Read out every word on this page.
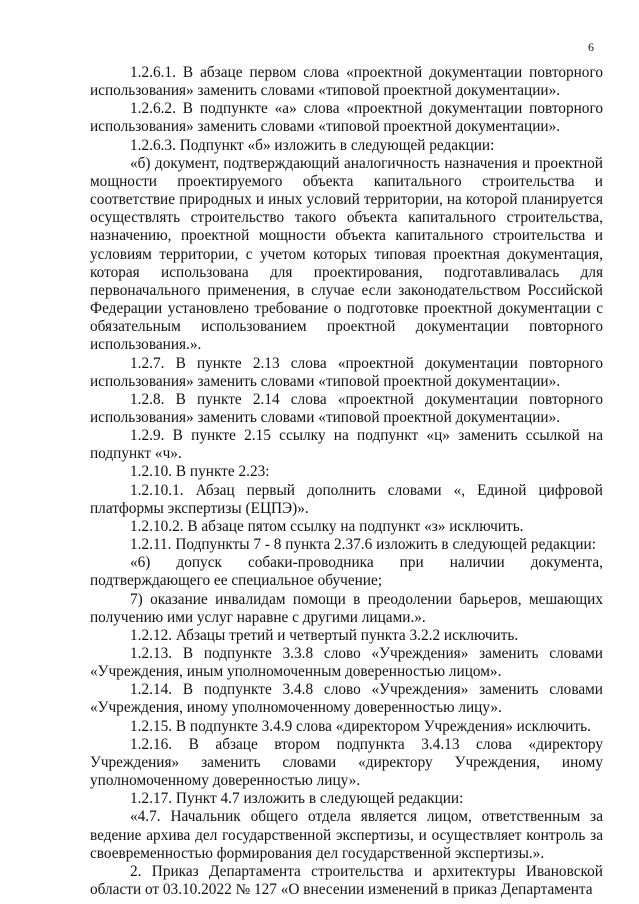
6

1.2.6.1. В абзаце первом слова «проектной документации повторного использования» заменить словами «типовой проектной документации».

1.2.6.2. В подпункте «а» слова «проектной документации повторного использования» заменить словами «типовой проектной документации».

1.2.6.3. Подпункт «б» изложить в следующей редакции:

«б) документ, подтверждающий аналогичность назначения и проектной мощности проектируемого объекта капитального строительства и соответствие природных и иных условий территории, на которой планируется осуществлять строительство такого объекта капитального строительства, назначению, проектной мощности объекта капитального строительства и условиям территории, с учетом которых типовая проектная документация, которая использована для проектирования, подготавливалась для первоначального применения, в случае если законодательством Российской Федерации установлено требование о подготовке проектной документации с обязательным использованием проектной документации повторного использования.».

1.2.7. В пункте 2.13 слова «проектной документации повторного использования» заменить словами «типовой проектной документации».

1.2.8. В пункте 2.14 слова «проектной документации повторного использования» заменить словами «типовой проектной документации».

1.2.9. В пункте 2.15 ссылку на подпункт «ц» заменить ссылкой на подпункт «ч».

1.2.10. В пункте 2.23:

1.2.10.1. Абзац первый дополнить словами «, Единой цифровой платформы экспертизы (ЕЦПЭ)».

1.2.10.2. В абзаце пятом ссылку на подпункт «з» исключить.

1.2.11. Подпункты 7 - 8 пункта 2.37.6 изложить в следующей редакции:

«6) допуск собаки-проводника при наличии документа, подтверждающего ее специальное обучение;

7) оказание инвалидам помощи в преодолении барьеров, мешающих получению ими услуг наравне с другими лицами.».

1.2.12. Абзацы третий и четвертый пункта 3.2.2 исключить.

1.2.13. В подпункте 3.3.8 слово «Учреждения» заменить словами «Учреждения, иным уполномоченным доверенностью лицом».

1.2.14. В подпункте 3.4.8 слово «Учреждения» заменить словами «Учреждения, иному уполномоченному доверенностью лицу».

1.2.15. В подпункте 3.4.9 слова «директором Учреждения» исключить.

1.2.16. В абзаце втором подпункта 3.4.13 слова «директору Учреждения» заменить словами «директору Учреждения, иному уполномоченному доверенностью лицу».

1.2.17. Пункт 4.7 изложить в следующей редакции:

«4.7. Начальник общего отдела является лицом, ответственным за ведение архива дел государственной экспертизы, и осуществляет контроль за своевременностью формирования дел государственной экспертизы.».

2. Приказ Департамента строительства и архитектуры Ивановской области от 03.10.2022 № 127 «О внесении изменений в приказ Департамента
